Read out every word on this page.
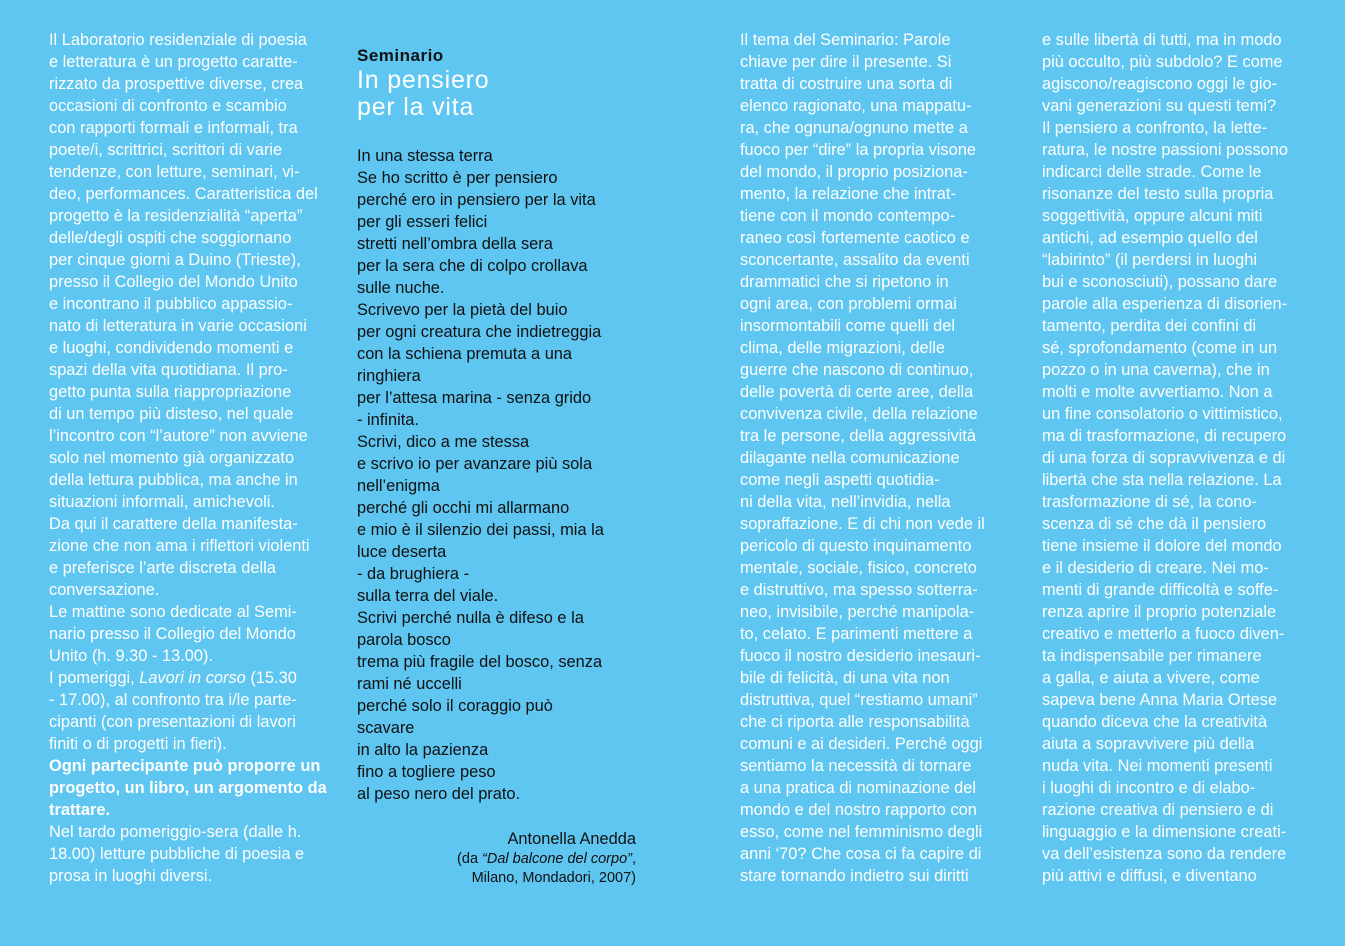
Il Laboratorio residenziale di poesia
e letteratura è un progetto caratte-
rizzato da prospettive diverse, crea
occasioni di confronto e scambio
con rapporti formali e informali, tra
poete/i, scrittrici, scrittori di varie
tendenze, con letture, seminari, vi-
deo, performances. Caratteristica del
progetto è la residenzialità “aperta”
delle/degli ospiti che soggiornano
per cinque giorni a Duino (Trieste),
presso il Collegio del Mondo Unito
e incontrano il pubblico appassio-
nato di letteratura in varie occasioni
e luoghi, condividendo momenti e
spazi della vita quotidiana. Il pro-
getto punta sulla riappropriazione
di un tempo più disteso, nel quale
l’incontro con “l’autore” non avviene
solo nel momento già organizzato
della lettura pubblica, ma anche in
situazioni informali, amichevoli.
Da qui il carattere della manifesta-
zione che non ama i riflettori violenti
e preferisce l’arte discreta della
conversazione.
Le mattine sono dedicate al Semi-
nario presso il Collegio del Mondo
Unito (h. 9.30 - 13.00).
I pomeriggi, Lavori in corso (15.30
- 17.00), al confronto tra i/le parte-
cipanti (con presentazioni di lavori
finiti o di progetti in fieri).
Ogni partecipante può proporre un
progetto, un libro, un argomento da
trattare.
Nel tardo pomeriggio-sera (dalle h.
18.00) letture pubbliche di poesia e
prosa in luoghi diversi.
Seminario
In pensiero
per la vita
In una stessa terra
Se ho scritto è per pensiero
perché ero in pensiero per la vita
per gli esseri felici
stretti nell’ombra della sera
per la sera che di colpo crollava
sulle nuche.
Scrivevo per la pietà del buio
per ogni creatura che indietreggia
con la schiena premuta a una
ringhiera
per l’attesa marina - senza grido
- infinita.
Scrivi, dico a me stessa
e scrivo io per avanzare più sola
nell’enigma
perché gli occhi mi allarmano
e mio è il silenzio dei passi, mia la
luce deserta
- da brughiera -
sulla terra del viale.
Scrivi perché nulla è difeso e la
parola bosco
trema più fragile del bosco, senza
rami né uccelli
perché solo il coraggio può
scavare
in alto la pazienza
fino a togliere peso
al peso nero del prato.
Antonella Anedda
(da “Dal balcone del corpo”,
Milano, Mondadori, 2007)
Il tema del Seminario: Parole
chiave per dire il presente. Si
tratta di costruire una sorta di
elenco ragionato, una mappatu-
ra, che ognuna/ognuno mette a
fuoco per “dire” la propria visone
del mondo, il proprio posiziona-
mento, la relazione che intrat-
tiene con il mondo contempo-
raneo così fortemente caotico e
sconcertante, assalito da eventi
drammatici che si ripetono in
ogni area, con problemi ormai
insormontabili come quelli del
clima, delle migrazioni, delle
guerre che nascono di continuo,
delle povertà di certe aree, della
convivenza civile, della relazione
tra le persone, della aggressività
dilagante nella comunicazione
come negli aspetti quotidia-
ni della vita, nell’invidia, nella
sopraffazione. E di chi non vede il
pericolo di questo inquinamento
mentale, sociale, fisico, concreto
e distruttivo, ma spesso sotterra-
neo, invisibile, perché manipola-
to, celato. E parimenti mettere a
fuoco il nostro desiderio inesauri-
bile di felicità, di una vita non
distruttiva, quel “restiamo umani”
che ci riporta alle responsabilità
comuni e ai desideri. Perché oggi
sentiamo la necessità di tornare
a una pratica di nominazione del
mondo e del nostro rapporto con
esso, come nel femminismo degli
anni ‘70? Che cosa ci fa capire di
stare tornando indietro sui diritti
e sulle libertà di tutti, ma in modo
più occulto, più subdolo? E come
agiscono/reagiscono oggi le gio-
vani generazioni su questi temi?
Il pensiero a confronto, la lette-
ratura, le nostre passioni possono
indicarci delle strade. Come le
risonanze del testo sulla propria
soggettività, oppure alcuni miti
antichi, ad esempio quello del
“labirinto” (il perdersi in luoghi
bui e sconosciuti), possano dare
parole alla esperienza di disorien-
tamento, perdita dei confini di
sé, sprofondamento (come in un
pozzo o in una caverna), che in
molti e molte avvertiamo. Non a
un fine consolatorio o vittimistico,
ma di trasformazione, di recupero
di una forza di sopravvivenza e di
libertà che sta nella relazione. La
trasformazione di sé, la cono-
scenza di sé che dà il pensiero
tiene insieme il dolore del mondo
e il desiderio di creare. Nei mo-
menti di grande difficoltà e soffe-
renza aprire il proprio potenziale
creativo e metterlo a fuoco diven-
ta indispensabile per rimanere
a galla, e aiuta a vivere, come
sapeva bene Anna Maria Ortese
quando diceva che la creatività
aiuta a sopravvivere più della
nuda vita. Nei momenti presenti
i luoghi di incontro e di elabo-
razione creativa di pensiero e di
linguaggio e la dimensione creati-
va dell’esistenza sono da rendere
più attivi e diffusi, e diventano
